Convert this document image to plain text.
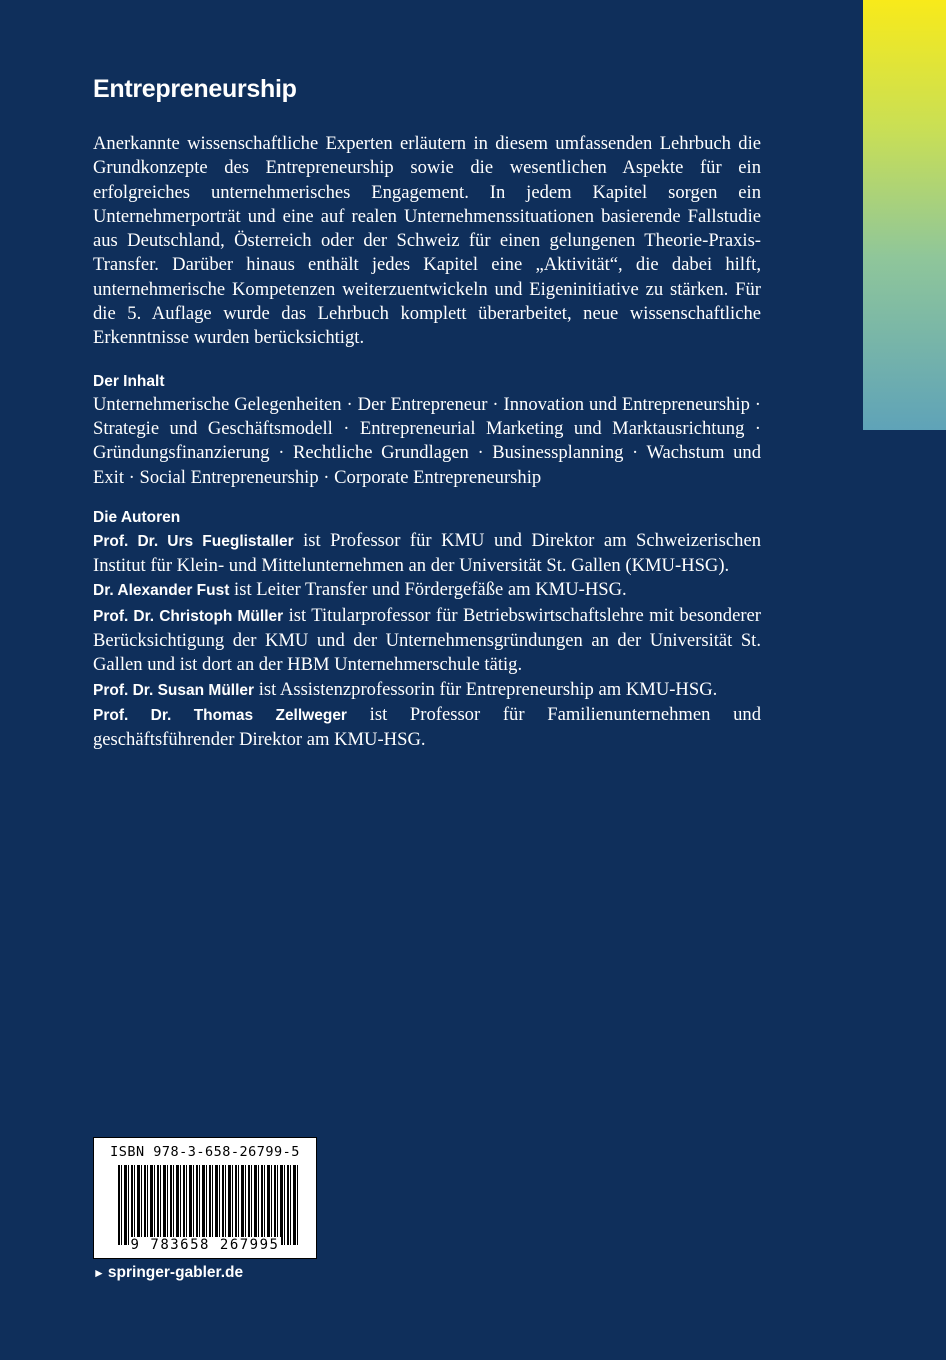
Entrepreneurship

Anerkannte wissenschaftliche Experten erläutern in diesem umfassenden Lehrbuch die Grundkonzepte des Entrepreneurship sowie die wesentlichen Aspekte für ein erfolgreiches unternehmerisches Engagement. In jedem Kapitel sorgen ein Unternehmerporträt und eine auf realen Unternehmenssituationen basierende Fallstudie aus Deutschland, Österreich oder der Schweiz für einen gelungenen Theorie-Praxis-Transfer. Darüber hinaus enthält jedes Kapitel eine „Aktivität“, die dabei hilft, unternehmerische Kompetenzen weiterzuentwickeln und Eigeninitiative zu stärken. Für die 5. Auflage wurde das Lehrbuch komplett überarbeitet, neue wissenschaftliche Erkenntnisse wurden berücksichtigt.

Der Inhalt

Unternehmerische Gelegenheiten · Der Entrepreneur · Innovation und Entrepreneurship · Strategie und Geschäftsmodell · Entrepreneurial Marketing und Marktausrichtung · Gründungsfinanzierung · Rechtliche Grundlagen · Businessplanning · Wachstum und Exit · Social Entrepreneurship · Corporate Entrepreneurship

Die Autoren

Prof. Dr. Urs Fueglistaller ist Professor für KMU und Direktor am Schweizerischen Institut für Klein- und Mittelunternehmen an der Universität St. Gallen (KMU-HSG).

Dr. Alexander Fust ist Leiter Transfer und Fördergefäße am KMU-HSG.

Prof. Dr. Christoph Müller ist Titularprofessor für Betriebswirtschaftslehre mit besonderer Berücksichtigung der KMU und der Unternehmensgründungen an der Universität St. Gallen und ist dort an der HBM Unternehmerschule tätig.

Prof. Dr. Susan Müller ist Assistenzprofessorin für Entrepreneurship am KMU-HSG.

Prof. Dr. Thomas Zellweger ist Professor für Familienunternehmen und geschäftsführender Direktor am KMU-HSG.

ISBN 978-3-658-26799-5
9 783658 267995
► springer-gabler.de
